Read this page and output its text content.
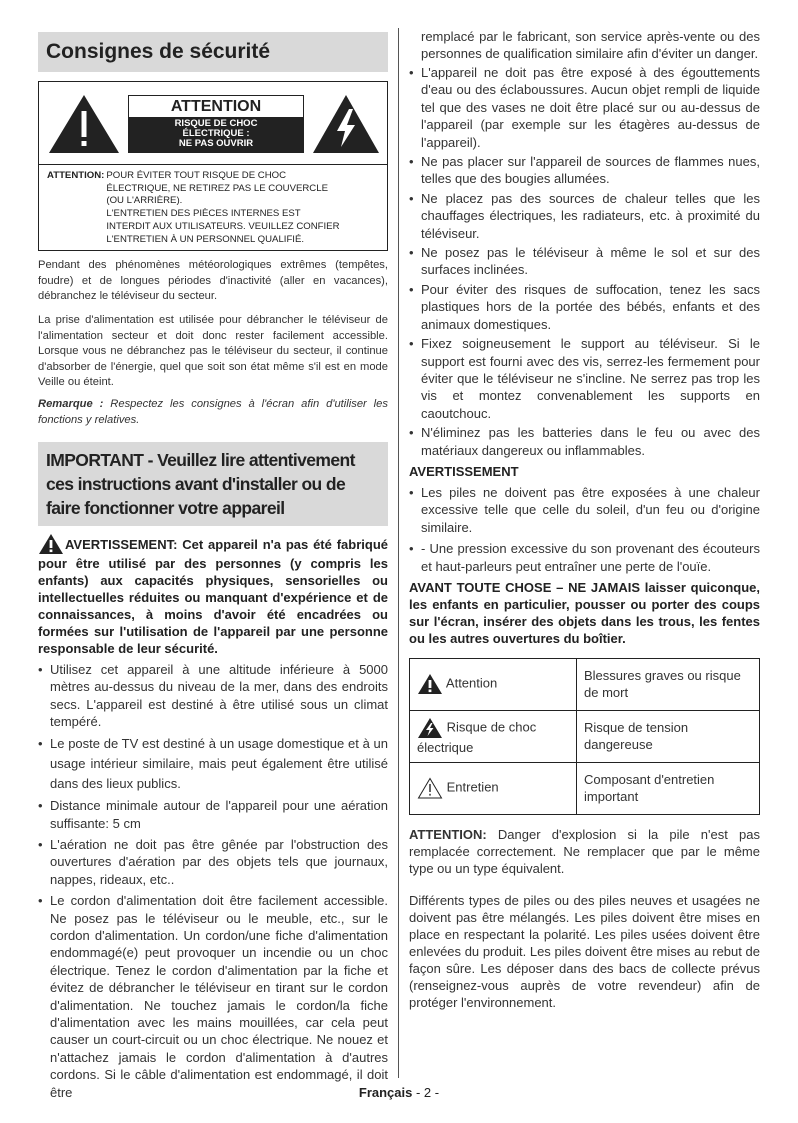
Consignes de sécurité
ATTENTION
RISQUE DE CHOC
ÉLECTRIQUE :
NE PAS OUVRIR
ATTENTION: POUR ÉVITER TOUT RISQUE DE CHOC
ÉLECTRIQUE, NE RETIREZ PAS LE COUVERCLE
(OU L'ARRIÈRE).
L'ENTRETIEN DES PIÈCES INTERNES EST
INTERDIT AUX UTILISATEURS. VEUILLEZ CONFIER
L'ENTRETIEN À UN PERSONNEL QUALIFIÉ.

Pendant des phénomènes météorologiques extrêmes (tempêtes, foudre) et de longues périodes d'inactivité (aller en vacances), débranchez le téléviseur du secteur.

La prise d'alimentation est utilisée pour débrancher le téléviseur de l'alimentation secteur et doit donc rester facilement accessible. Lorsque vous ne débranchez pas le téléviseur du secteur, il continue d'absorber de l'énergie, quel que soit son état même s'il est en mode Veille ou éteint.

Remarque : Respectez les consignes à l'écran afin d'utiliser les fonctions y relatives.

IMPORTANT - Veuillez lire attentivement ces instructions avant d'installer ou de faire fonctionner votre appareil
AVERTISSEMENT: Cet appareil n'a pas été fabriqué pour être utilisé par des personnes (y compris les enfants) aux capacités physiques, sensorielles ou intellectuelles réduites ou manquant d'expérience et de connaissances, à moins d'avoir été encadrées ou formées sur l'utilisation de l'appareil par une personne responsable de leur sécurité.
• Utilisez cet appareil à une altitude inférieure à 5000 mètres au-dessus du niveau de la mer, dans des endroits secs. L'appareil est destiné à être utilisé sous un climat tempéré.
• Le poste de TV est destiné à un usage domestique et à un usage intérieur similaire, mais peut également être utilisé dans des lieux publics.
• Distance minimale autour de l'appareil pour une aération suffisante: 5 cm
• L'aération ne doit pas être gênée par l'obstruction des ouvertures d'aération par des objets tels que journaux, nappes, rideaux, etc..
• Le cordon d'alimentation doit être facilement accessible. Ne posez pas le téléviseur ou le meuble, etc., sur le cordon d'alimentation. Un cordon/une fiche d'alimentation endommagé(e) peut provoquer un incendie ou un choc électrique. Tenez le cordon d'alimentation par la fiche et évitez de débrancher le téléviseur en tirant sur le cordon d'alimentation. Ne touchez jamais le cordon/la fiche d'alimentation avec les mains mouillées, car cela peut causer un court-circuit ou un choc électrique. Ne nouez et n'attachez jamais le cordon d'alimentation à d'autres cordons. Si le câble d'alimentation est endommagé, il doit être

remplacé par le fabricant, son service après-vente ou des personnes de qualification similaire afin d'éviter un danger.

• L'appareil ne doit pas être exposé à des égouttements d'eau ou des éclaboussures. Aucun objet rempli de liquide tel que des vases ne doit être placé sur ou au-dessus de l'appareil (par exemple sur les étagères au-dessus de l'appareil).
• Ne pas placer sur l'appareil de sources de flammes nues, telles que des bougies allumées.
• Ne placez pas des sources de chaleur telles que les chauffages électriques, les radiateurs, etc. à proximité du téléviseur.
• Ne posez pas le téléviseur à même le sol et sur des surfaces inclinées.
• Pour éviter des risques de suffocation, tenez les sacs plastiques hors de la portée des bébés, enfants et des animaux domestiques.
• Fixez soigneusement le support au téléviseur. Si le support est fourni avec des vis, serrez-les fermement pour éviter que le téléviseur ne s'incline. Ne serrez pas trop les vis et montez convenablement les supports en caoutchouc.
• N'éliminez pas les batteries dans le feu ou avec des matériaux dangereux ou inflammables.
AVERTISSEMENT
• Les piles ne doivent pas être exposées à une chaleur excessive telle que celle du soleil, d'un feu ou d'origine similaire.
• - Une pression excessive du son provenant des écouteurs et haut-parleurs peut entraîner une perte de l'ouïe.

AVANT TOUTE CHOSE – NE JAMAIS laisser quiconque, les enfants en particulier, pousser ou porter des coups sur l'écran, insérer des objets dans les trous, les fentes ou les autres ouvertures du boîtier.

Attention	Blessures graves ou risque de mort
Risque de choc électrique	Risque de tension dangereuse
Entretien	Composant d'entretien important

ATTENTION: Danger d'explosion si la pile n'est pas remplacée correctement. Ne remplacer que par le même type ou un type équivalent.

Différents types de piles ou des piles neuves et usagées ne doivent pas être mélangés. Les piles doivent être mises en place en respectant la polarité. Les piles usées doivent être enlevées du produit. Les piles doivent être mises au rebut de façon sûre. Les déposer dans des bacs de collecte prévus (renseignez-vous auprès de votre revendeur) afin de protéger l'environnement.

Français - 2 -
